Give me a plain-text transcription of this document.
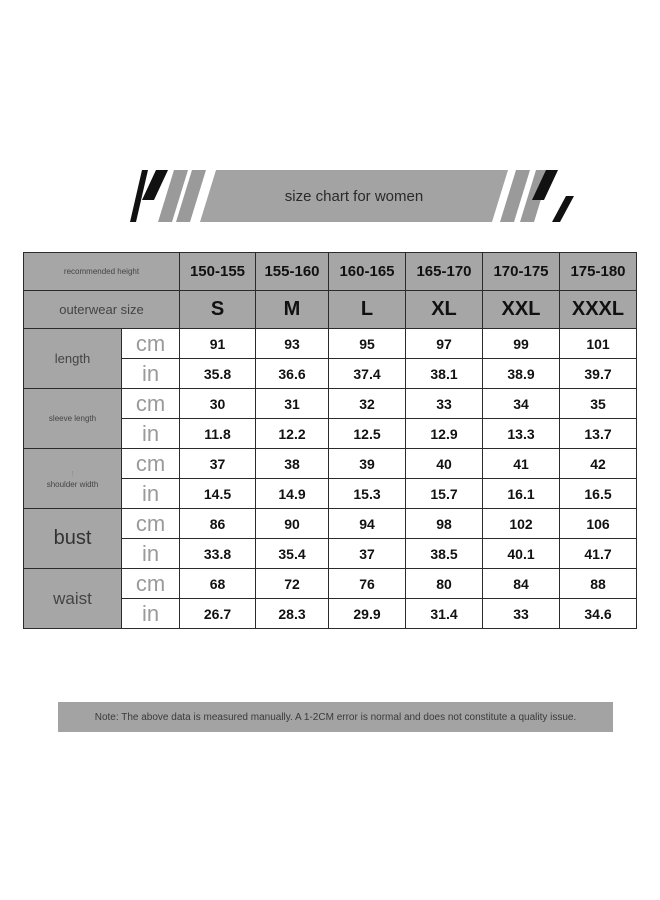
size chart for women
recommended height		150-155	155-160	160-165	165-170	170-175	175-180
outerwear size		S	M	L	XL	XXL	XXXL
length	cm	91	93	95	97	99	101
	in	35.8	36.6	37.4	38.1	38.9	39.7
sleeve length	cm	30	31	32	33	34	35
	in	11.8	12.2	12.5	12.9	13.3	13.7

↑
shoulder width	cm	37	38	39	40	41	42
	in	14.5	14.9	15.3	15.7	16.1	16.5
bust	cm	86	90	94	98	102	106
	in	33.8	35.4	37	38.5	40.1	41.7
waist	cm	68	72	76	80	84	88
	in	26.7	28.3	29.9	31.4	33	34.6
Note: The above data is measured manually. A 1-2CM error is normal and does not constitute a quality issue.
